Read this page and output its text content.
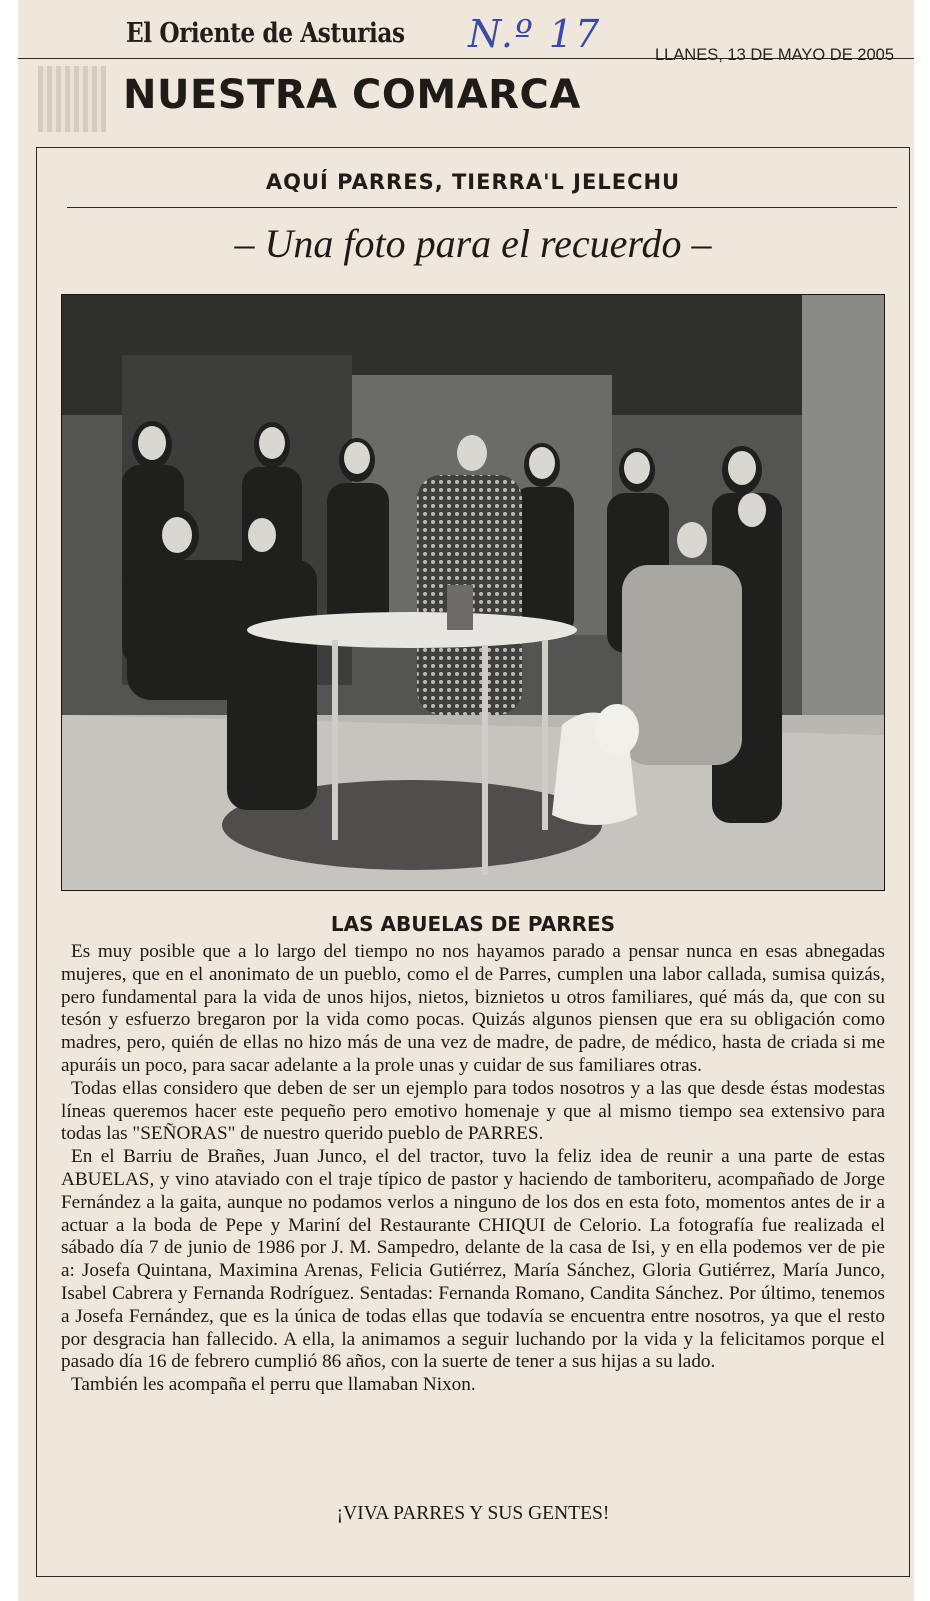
El Oriente de Asturias N.º 17	LLANES, 13 DE MAYO DE 2005
NUESTRA COMARCA
AQUÍ PARRES, TIERRA'L JELECHU
– Una foto para el recuerdo –
LAS ABUELAS DE PARRES

Es muy posible que a lo largo del tiempo no nos hayamos parado a pensar nunca en esas abnegadas mujeres, que en el anonimato de un pueblo, como el de Parres, cumplen una labor callada, sumisa quizás, pero fundamental para la vida de unos hijos, nietos, biznietos u otros familiares, qué más da, que con su tesón y esfuerzo bregaron por la vida como pocas. Quizás algunos piensen que era su obligación como madres, pero, quién de ellas no hizo más de una vez de madre, de padre, de médico, hasta de criada si me apuráis un poco, para sacar adelante a la prole unas y cuidar de sus familiares otras.

Todas ellas considero que deben de ser un ejemplo para todos nosotros y a las que desde éstas modestas líneas queremos hacer este pequeño pero emotivo homenaje y que al mismo tiempo sea extensivo para todas las "SEÑORAS" de nuestro querido pueblo de PARRES.

En el Barriu de Brañes, Juan Junco, el del tractor, tuvo la feliz idea de reunir a una parte de estas ABUELAS, y vino ataviado con el traje típico de pastor y haciendo de tamboriteru, acompañado de Jorge Fernández a la gaita, aunque no podamos verlos a ninguno de los dos en esta foto, momentos antes de ir a actuar a la boda de Pepe y Mariní del Restaurante CHIQUI de Celorio. La fotografía fue realizada el sábado día 7 de junio de 1986 por J. M. Sampedro, delante de la casa de Isi, y en ella podemos ver de pie a: Josefa Quintana, Maximina Arenas, Felicia Gutiérrez, María Sánchez, Gloria Gutiérrez, María Junco, Isabel Cabrera y Fernanda Rodríguez. Sentadas: Fernanda Romano, Candita Sánchez. Por último, tenemos a Josefa Fernández, que es la única de todas ellas que todavía se encuentra entre nosotros, ya que el resto por desgracia han fallecido. A ella, la animamos a seguir luchando por la vida y la felicitamos porque el pasado día 16 de febrero cumplió 86 años, con la suerte de tener a sus hijas a su lado.

También les acompaña el perru que llamaban Nixon.

¡VIVA PARRES Y SUS GENTES!
